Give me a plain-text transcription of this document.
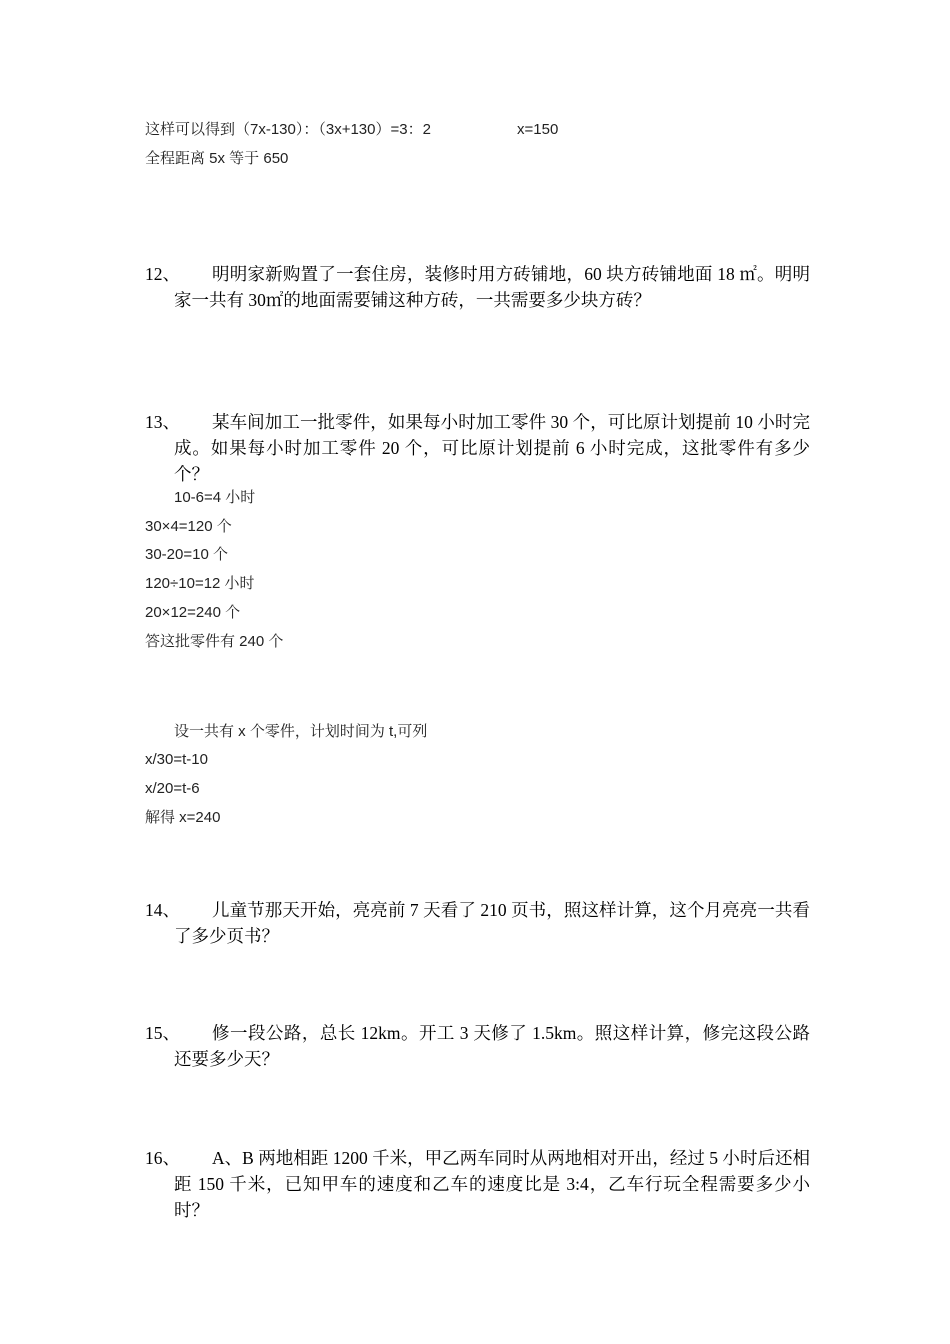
这样可以得到（7x-130）：（3x+130）=3：2	x=150
全程距离 5x 等于 650
12、	明明家新购置了一套住房，装修时用方砖铺地，60 块方砖铺地面 18 ㎡。明明家一共有 30㎡的地面需要铺这种方砖，一共需要多少块方砖？
13、	某车间加工一批零件，如果每小时加工零件 30 个，可比原计划提前 10 小时完成。如果每小时加工零件 20 个，可比原计划提前 6 小时完成，这批零件有多少个？
10-6=4 小时
30×4=120 个
30-20=10 个
120÷10=12 小时
20×12=240 个
答这批零件有 240 个
设一共有 x 个零件，计划时间为 t,可列
x/30=t-10
x/20=t-6
解得 x=240
14、	儿童节那天开始，亮亮前 7 天看了 210 页书，照这样计算，这个月亮亮一共看了多少页书？
15、	修一段公路，总长 12km。开工 3 天修了 1.5km。照这样计算，修完这段公路还要多少天？
16、	A、B 两地相距 1200 千米，甲乙两车同时从两地相对开出，经过 5 小时后还相距 150 千米，已知甲车的速度和乙车的速度比是 3:4，乙车行玩全程需要多少小时？
